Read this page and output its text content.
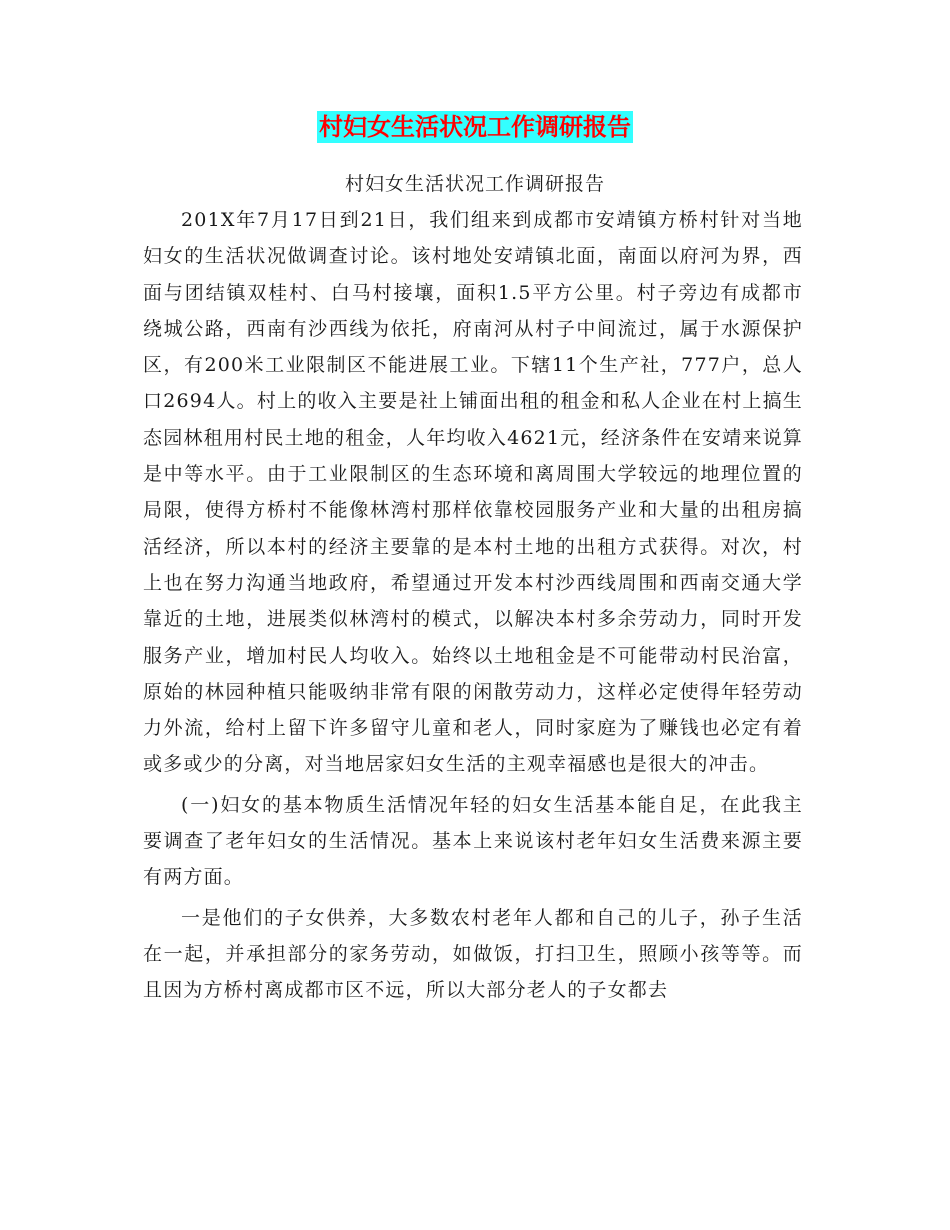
村妇女生活状况工作调研报告
村妇女生活状况工作调研报告

201X年7月17日到21日，我们组来到成都市安靖镇方桥村针对当地妇女的生活状况做调查讨论。该村地处安靖镇北面，南面以府河为界，西面与团结镇双桂村、白马村接壤，面积1.5平方公里。村子旁边有成都市绕城公路，西南有沙西线为依托，府南河从村子中间流过，属于水源保护区，有200米工业限制区不能进展工业。下辖11个生产社，777户，总人口2694人。村上的收入主要是社上铺面出租的租金和私人企业在村上搞生态园林租用村民土地的租金，人年均收入4621元，经济条件在安靖来说算是中等水平。由于工业限制区的生态环境和离周围大学较远的地理位置的局限，使得方桥村不能像林湾村那样依靠校园服务产业和大量的出租房搞活经济，所以本村的经济主要靠的是本村土地的出租方式获得。对次，村上也在努力沟通当地政府，希望通过开发本村沙西线周围和西南交通大学靠近的土地，进展类似林湾村的模式，以解决本村多余劳动力，同时开发服务产业，增加村民人均收入。始终以土地租金是不可能带动村民治富，原始的林园种植只能吸纳非常有限的闲散劳动力，这样必定使得年轻劳动力外流，给村上留下许多留守儿童和老人，同时家庭为了赚钱也必定有着或多或少的分离，对当地居家妇女生活的主观幸福感也是很大的冲击。

(一)妇女的基本物质生活情况年轻的妇女生活基本能自足，在此我主要调查了老年妇女的生活情况。基本上来说该村老年妇女生活费来源主要有两方面。

一是他们的子女供养，大多数农村老年人都和自己的儿子，孙子生活在一起，并承担部分的家务劳动，如做饭，打扫卫生，照顾小孩等等。而且因为方桥村离成都市区不远，所以大部分老人的子女都去
